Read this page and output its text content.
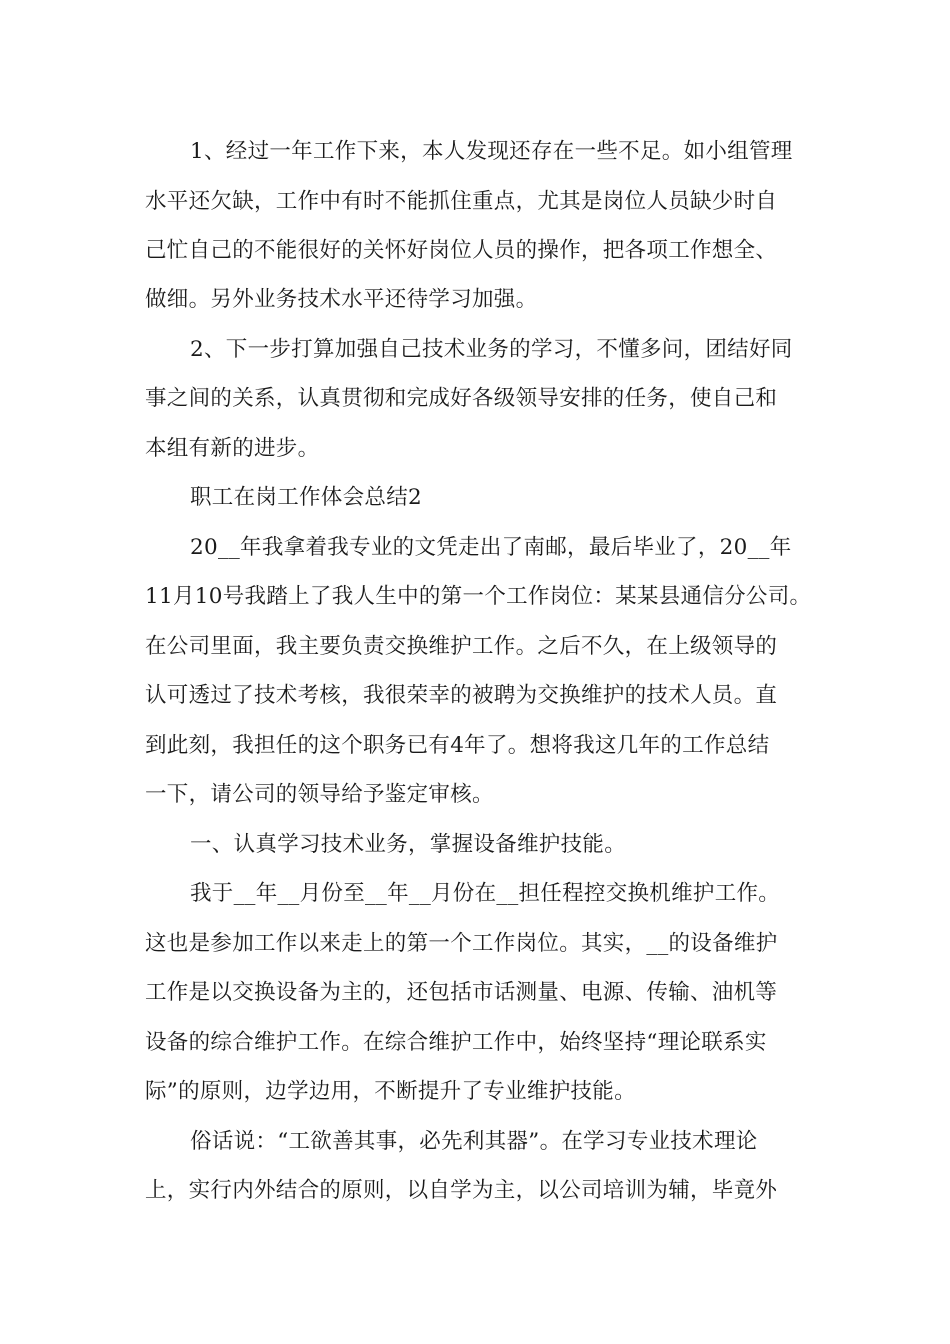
1、经过一年工作下来，本人发现还存在一些不足。如小组管理
水平还欠缺，工作中有时不能抓住重点，尤其是岗位人员缺少时自
己忙自己的不能很好的关怀好岗位人员的操作，把各项工作想全、
做细。另外业务技术水平还待学习加强。
2、下一步打算加强自己技术业务的学习，不懂多问，团结好同
事之间的关系，认真贯彻和完成好各级领导安排的任务，使自己和
本组有新的进步。
职工在岗工作体会总结2
20__年我拿着我专业的文凭走出了南邮，最后毕业了，20__年
11月10号我踏上了我人生中的第一个工作岗位：某某县通信分公司。
在公司里面，我主要负责交换维护工作。之后不久，在上级领导的
认可透过了技术考核，我很荣幸的被聘为交换维护的技术人员。直
到此刻，我担任的这个职务已有4年了。想将我这几年的工作总结
一下，请公司的领导给予鉴定审核。
一、认真学习技术业务，掌握设备维护技能。
我于__年__月份至__年__月份在__担任程控交换机维护工作。
这也是参加工作以来走上的第一个工作岗位。其实，__的设备维护
工作是以交换设备为主的，还包括市话测量、电源、传输、油机等
设备的综合维护工作。在综合维护工作中，始终坚持“理论联系实
际”的原则，边学边用，不断提升了专业维护技能。
俗话说：“工欲善其事，必先利其器”。在学习专业技术理论
上，实行内外结合的原则，以自学为主，以公司培训为辅，毕竟外
